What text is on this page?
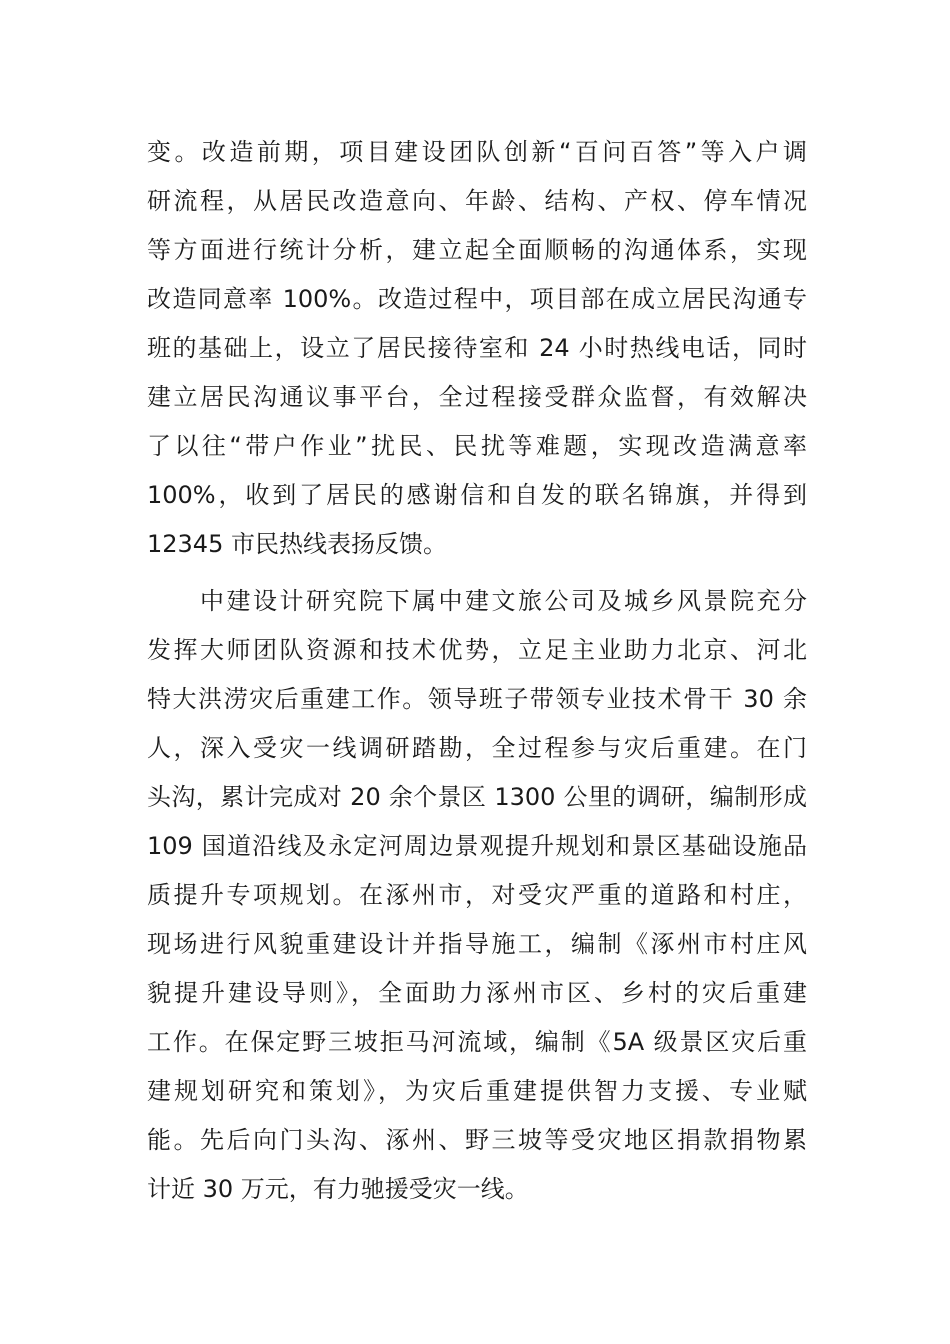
变。改造前期，项目建设团队创新“百问百答”等入户调
研流程，从居民改造意向、年龄、结构、产权、停车情况
等方面进行统计分析，建立起全面顺畅的沟通体系，实现
改造同意率 100%。改造过程中，项目部在成立居民沟通专
班的基础上，设立了居民接待室和 24 小时热线电话，同时
建立居民沟通议事平台，全过程接受群众监督，有效解决
了以往“带户作业”扰民、民扰等难题，实现改造满意率
100%，收到了居民的感谢信和自发的联名锦旗，并得到
12345 市民热线表扬反馈。
　　中建设计研究院下属中建文旅公司及城乡风景院充分
发挥大师团队资源和技术优势，立足主业助力北京、河北
特大洪涝灾后重建工作。领导班子带领专业技术骨干 30 余
人，深入受灾一线调研踏勘，全过程参与灾后重建。在门
头沟，累计完成对 20 余个景区 1300 公里的调研，编制形成
109 国道沿线及永定河周边景观提升规划和景区基础设施品
质提升专项规划。在涿州市，对受灾严重的道路和村庄，
现场进行风貌重建设计并指导施工，编制《涿州市村庄风
貌提升建设导则》，全面助力涿州市区、乡村的灾后重建
工作。在保定野三坡拒马河流域，编制《5A 级景区灾后重
建规划研究和策划》，为灾后重建提供智力支援、专业赋
能。先后向门头沟、涿州、野三坡等受灾地区捐款捐物累
计近 30 万元，有力驰援受灾一线。
